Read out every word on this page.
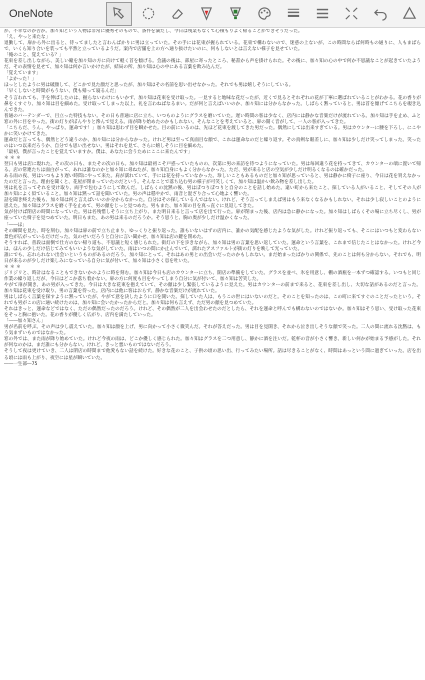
OneNote

が、不幸なのか否か。加々知という人物は非常に優秀そのもので、条件を満たし、今日は残業もなくて心積もりよく帰ることができそうだった。

「え、やっと来たな」

退勤して、扉から外に出ると、待ってましたと言わんばかりに男は立っていた。その手には花束が握られている。花束で構わないので、迷惑の上ないが、この時間ならば何時もの通りに、人もまばらで、いくら知り合いを装っても平然と立っているようだ。案内で店舗を上の方へ通り抜けたいのに、何もしないとは言えない様子を見せていた。

「俺のこと、覚えている？」

花束を差し出しながら、美しい瞳を加々知の方に向けて軽く首を傾げる。会議の後は、部屋に寄ったところ、秘書から声を掛けられた。その後に、加々知の心の中で何か不思議なことが起きていたようだ。その表情を見せて、加々知は何か言いかけたが、結局の所、加々知は心の中にある言葉を飲み込んだ。

「覚えています」

「よかった！」

ほっとしたように男は破顔して、どこかで見た顔だと思ったが、加々知はその名前を思い出せなかった。それでも男は嬉しそうにしている。

「早くしないと時間がもうない、僕も帰って寝るんだ」

そう言われても、手を伸ばしたのは、握らないわけにもいかず、加々知は花束を受け取った。一見すると地味な花だったが、近くで見るとそれぞれの花が丁寧に選ばれていることがわかる。花の香りが鼻をくすぐり、加々知は目を細めた。受け取ってしまった以上、礼を言わねばなるまい。だが何と言えばいいのか、加々知には分からなかった。しばらく黙っていると、男は首を傾げてこちらを覗き込んできた。

普通のバーテンダーで、目立った特技もない。その日も普通に店に立ち、いつものようにグラスを磨いていた。遅い時間の客は少なく、店内には静かな音楽だけが流れている。加々知は手を止め、ふと窓の外に目をやった。街の灯りがぼんやりと滲んで見える。雨が降り始めたのかもしれない。そんなことを考えていると、扉の開く音がして、一人の客が入ってきた。

「こちらだ、うん、やっぱり。運命です！」加々知は思わず目を瞬かせた。目の前にいるのは、先ほど花束を渡してきた男だった。偶然にしては出来すぎている。男はカウンターに腰を下ろし、にこやかに笑いかけてきた。

運命だと言っても、偶然とどう違うのか、加々知には分からなかった。けれど男は至って真面目な顔で、これは運命なのだと繰り返す。その真剣な眼差しに、加々知は少しだけ笑ってしまった。笑ったのはいつ以来だろうか、自分でも思い出せない。男はそれを見て、さらに嬉しそうに目を細めた。

「最初、僕が言ったことを覚えていますか。僕は、あなたに会うためにここに来たんです」

＊ ＊ ＊

翌日も男は店に現れた。その次の日も、またその次の日も。加々知は最初こそ戸惑っていたものの、次第に男の来訪を待つようになっていた。男は毎回違う花を持ってきて、カウンターの端に置いて帰る。店の常連たちは面白がって、あれは誰なのかと加々知に尋ねたが、加々知自身にもよく分からなかった。ただ、男が来ると店の空気が少しだけ明るくなるのは確かだった。

ある雨の夜、男はいつもより遅い時間にやって来た。肩が濡れていて、手には花を持っていなかった。珍しいこともあるものだと加々知が思っていると、男は静かに椅子に座り、今日は花を買えなかったのだと言った。理由を聞くと、花屋が閉まっていたのだという。そんなことで落ち込む男の様子が可笑しくて、加々知は温かい飲み物を差し出した。

男は礼を言ってそれを受け取り、両手で包むようにして飲んだ。しばらくの沈黙の後、男はぽつりぽつりと自分のことを話し始めた。遠い町から来たこと、探している人がいること、そしてその人が加々知によく似ていること。加々知は黙って話を聞いていた。男の声は穏やかで、雨音と混ざり合って心地よく響いた。

話を聞き終えた後も、加々知は何と言えばいいのか分からなかった。自分はその探している人ではない。けれど、そう言ってしまえば男はもう来なくなるかもしれない。それは少し寂しいことのように思えた。加々知はグラスを磨く手を止めて、男の顔をじっと見つめた。男もまた、加々知の目を真っ直ぐに見返してきた。

気が付けば閉店の時間になっていた。男は名残惜しそうに立ち上がり、また明日来ると言って店を出て行った。扉が閉まった後、店内は急に静かになった。加々知はしばらくその場に立ち尽くし、男が座っていた椅子を見つめていた。明日もまた、あの男は来るのだろうか。そう思うと、胸の奥が少しだけ温かくなった。

「――ほ」

その瞬間を見た、時を刻む。加々知は扉の前で立ち止まり、ゆっくりと振り返った。誰もいないはずの店内に、誰かの気配を感じたような気がした。けれど振り返っても、そこにはいつもと変わらない景色が広がっているだけだった。気のせいだろうと自分に言い聞かせ、加々知は店の鍵を閉めた。

そうすれば、普段は面倒で仕方のない帰り道も、不思議と短く感じられた。街灯の下を歩きながら、加々知は男の言葉を思い返していた。運命という言葉を、これまで信じたことはなかった。けれど今は、ほんの少しだけ信じてみてもいいような気がしていた。雨はいつの間にか止んでいて、濡れたアスファルトが街の灯りを映して光っていた。

誰にでも、忘れられない出会いというものがあるのだろう。加々知にとって、それはあの男との出会いだったのかもしれない。まだ始まったばかりの関係で、先のことは何も分からない。それでも、明日が来るのが少しだけ楽しみになっている自分に気が付いて、加々知は小さく息を吐いた。

＊ ＊ ＊

ジリジリと、時計はなることもできないかのように時を刻む。加々知は今日も店のカウンターに立ち、開店の準備をしていた。グラスを並べ、氷を用意し、棚の酒瓶を一本ずつ確認する。いつもと同じ作業の繰り返しだが、今日はどこか落ち着かない。扉の方に何度も目をやってしまう自分に気が付いて、加々知は苦笑した。

やがて扉が開き、あの男が入ってきた。今日は大きな花束を抱えていて、その顔は少し緊張しているように見えた。男はカウンターの前まで来ると、花束を差し出し、大切な話があるのだと言った。加々知は花束を受け取り、男の言葉を待った。店内には他に客はおらず、静かな音楽だけが流れていた。

男はしばらく言葉を探すように黙っていたが、やがて意を決したように口を開いた。探していた人は、もうこの世にはいないのだと。そのことを知ったのは、この町に来てすぐのことだったという。それでも男がこの店に通い続けたのは、加々知に会いたかったからだと。加々知は何も言えず、ただ男の顔を見つめていた。

それはきっと、運命などではなく、ただの偶然だったのだろう。けれど、その偶然が二人を出会わせたのだとしたら、それを運命と呼んでも構わないのではないか。加々知はそう思い、受け取った花束をそっと胸に抱いた。花の香りが優しく広がり、店内を満たしていった。

「――加々知さん」

男が名前を呼ぶ。その声は少し震えていた。加々知は顔を上げ、男に向かって小さく微笑んだ。それが答えだった。男は目を見開き、それから泣き出しそうな顔で笑った。二人の間に流れる沈黙は、もう気まずいものではなかった。

窓の外では、また雨が降り始めていた。けれど今夜の雨は、どこか優しく感じられた。加々知はグラスを二つ用意し、静かに酒を注いだ。乾杯の音が小さく響き、新しい何かが始まる予感がした。それが何なのかは、まだ誰にも分からない。けれど、きっと悪いものではないだろう。

そうして夜は更けていき、二人は閉店の時間まで他愛もない話を続けた。好きな花のこと、子供の頃の思い出、行ってみたい場所。話は尽きることがなく、時間はあっという間に過ぎていった。店を出る頃には雨も上がり、夜空には星が瞬いていた。

――一生部―75
